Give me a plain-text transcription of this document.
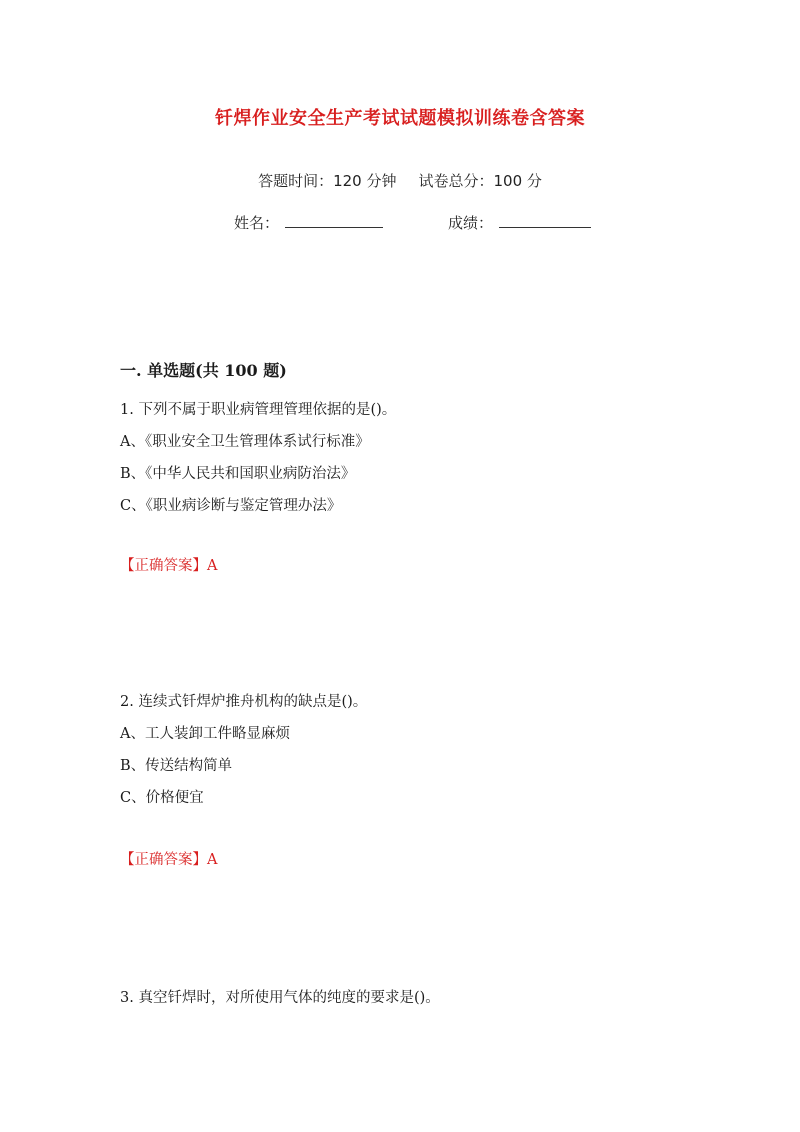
钎焊作业安全生产考试试题模拟训练卷含答案
答题时间：120 分钟 试卷总分：100 分
姓名：	成绩：
一. 单选题(共 100 题)
1. 下列不属于职业病管理管理依据的是()。
A、《职业安全卫生管理体系试行标准》
B、《中华人民共和国职业病防治法》
C、《职业病诊断与鉴定管理办法》
【正确答案】A
2. 连续式钎焊炉推舟机构的缺点是()。
A、工人装卸工件略显麻烦
B、传送结构简单
C、价格便宜
【正确答案】A
3. 真空钎焊时，对所使用气体的纯度的要求是()。
